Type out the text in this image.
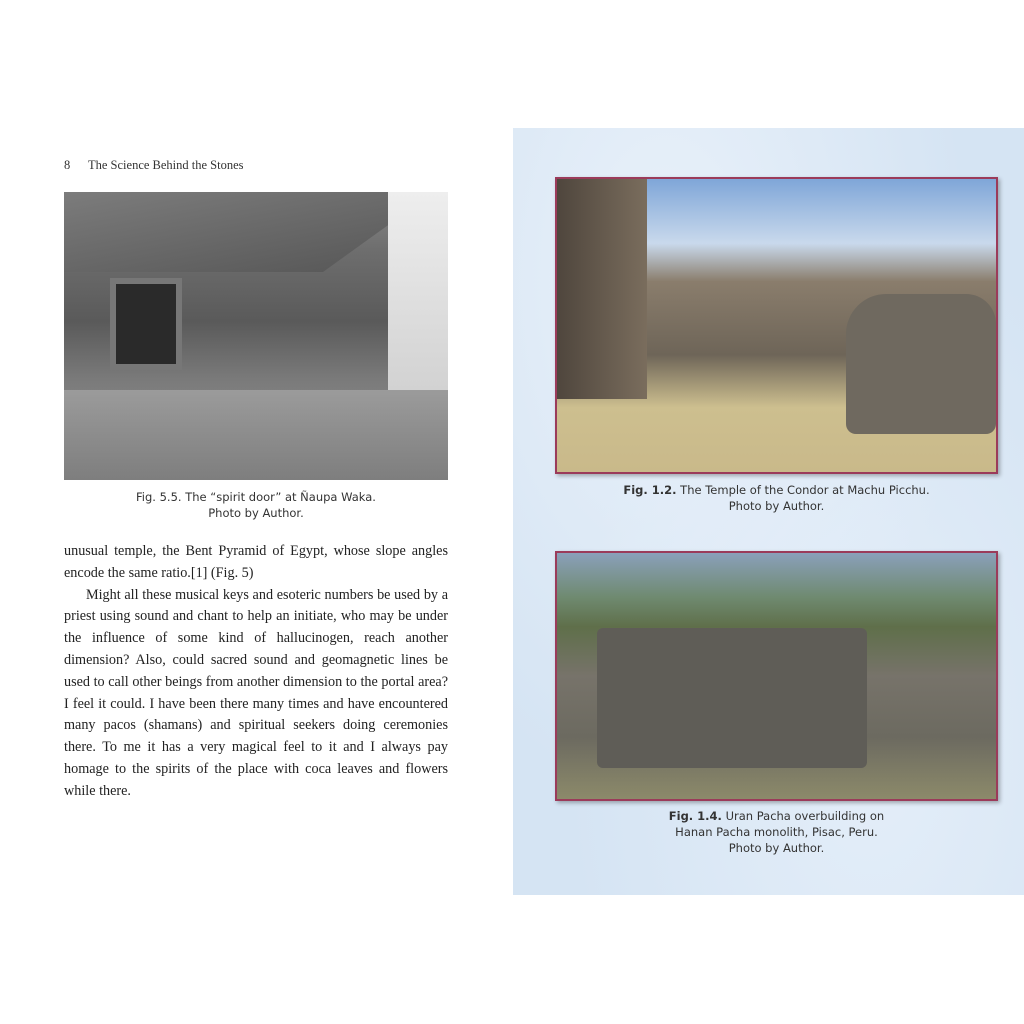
8 The Science Behind the Stones
Fig. 5.5. The “spirit door” at Ñaupa Waka.
Photo by Author.

unusual temple, the Bent Pyramid of Egypt, whose slope angles encode the same ratio.[1] (Fig. 5)

Might all these musical keys and esoteric numbers be used by a priest using sound and chant to help an initiate, who may be under the influence of some kind of hallucinogen, reach another dimension? Also, could sacred sound and geomagnetic lines be used to call other beings from another dimension to the portal area? I feel it could. I have been there many times and have encountered many pacos (shamans) and spiritual seekers doing ceremonies there. To me it has a very magical feel to it and I always pay homage to the spirits of the place with coca leaves and flowers while there.

Fig. 1.2. The Temple of the Condor at Machu Picchu.
Photo by Author.
Fig. 1.4. Uran Pacha overbuilding on
Hanan Pacha monolith, Pisac, Peru.
Photo by Author.
